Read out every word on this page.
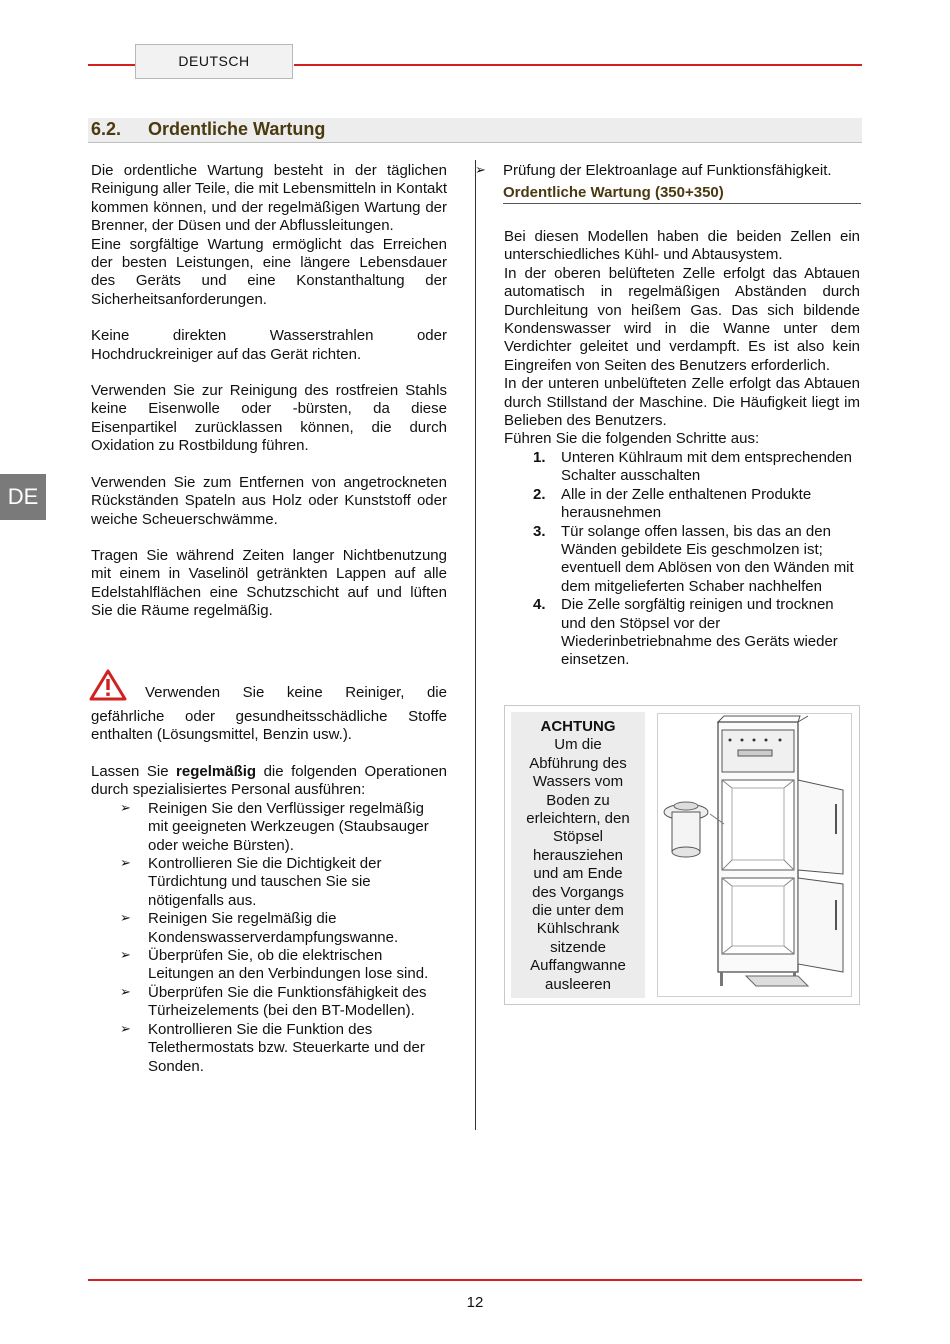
DEUTSCH
6.2. Ordentliche Wartung
DE
Die ordentliche Wartung besteht in der täglichen Reinigung aller Teile, die mit Lebensmitteln in Kontakt kommen können, und der regelmäßigen Wartung der Brenner, der Düsen und der Abflussleitungen.
Eine sorgfältige Wartung ermöglicht das Erreichen der besten Leistungen, eine längere Lebensdauer des Geräts und eine Konstanthaltung der Sicherheitsanforderungen.
Keine direkten Wasserstrahlen oder Hochdruckreiniger auf das Gerät richten.
Verwenden Sie zur Reinigung des rostfreien Stahls keine Eisenwolle oder -bürsten, da diese Eisenpartikel zurücklassen können, die durch Oxidation zu Rostbildung führen.
Verwenden Sie zum Entfernen von angetrockneten Rückständen Spateln aus Holz oder Kunststoff oder weiche Scheuerschwämme.
Tragen Sie während Zeiten langer Nichtbenutzung mit einem in Vaselinöl getränkten Lappen auf alle Edelstahlflächen eine Schutzschicht auf und lüften Sie die Räume regelmäßig.
Verwenden Sie keine Reiniger, die
gefährliche oder gesundheitsschädliche Stoffe enthalten (Lösungsmittel, Benzin usw.).
Lassen Sie regelmäßig die folgenden Operationen durch spezialisiertes Personal ausführen:
➢ Reinigen Sie den Verflüssiger regelmäßig mit geeigneten Werkzeugen (Staubsauger oder weiche Bürsten).
➢ Kontrollieren Sie die Dichtigkeit der Türdichtung und tauschen Sie sie nötigenfalls aus.
➢ Reinigen Sie regelmäßig die Kondenswasserverdampfungswanne.
➢ Überprüfen Sie, ob die elektrischen Leitungen an den Verbindungen lose sind.
➢ Überprüfen Sie die Funktionsfähigkeit des Türheizelements (bei den BT-Modellen).
➢ Kontrollieren Sie die Funktion des Telethermostats bzw. Steuerkarte und der Sonden.
➢ Prüfung der Elektroanlage auf Funktionsfähigkeit.
Ordentliche Wartung (350+350)
Bei diesen Modellen haben die beiden Zellen ein unterschiedliches Kühl- und Abtausystem.
In der oberen belüfteten Zelle erfolgt das Abtauen automatisch in regelmäßigen Abständen durch Durchleitung von heißem Gas. Das sich bildende Kondenswasser wird in die Wanne unter dem Verdichter geleitet und verdampft. Es ist also kein Eingreifen von Seiten des Benutzers erforderlich.
In der unteren unbelüfteten Zelle erfolgt das Abtauen durch Stillstand der Maschine. Die Häufigkeit liegt im Belieben des Benutzers.
Führen Sie die folgenden Schritte aus:
1. Unteren Kühlraum mit dem entsprechenden Schalter ausschalten
2. Alle in der Zelle enthaltenen Produkte herausnehmen
3. Tür solange offen lassen, bis das an den Wänden gebildete Eis geschmolzen ist; eventuell dem Ablösen von den Wänden mit dem mitgelieferten Schaber nachhelfen
4. Die Zelle sorgfältig reinigen und trocknen und den Stöpsel vor der Wiederinbetriebnahme des Geräts wieder einsetzen.
ACHTUNG
Um die Abführung des Wassers vom Boden zu erleichtern, den Stöpsel herausziehen und am Ende des Vorgangs die unter dem Kühlschrank sitzende Auffangwanne ausleeren
12
